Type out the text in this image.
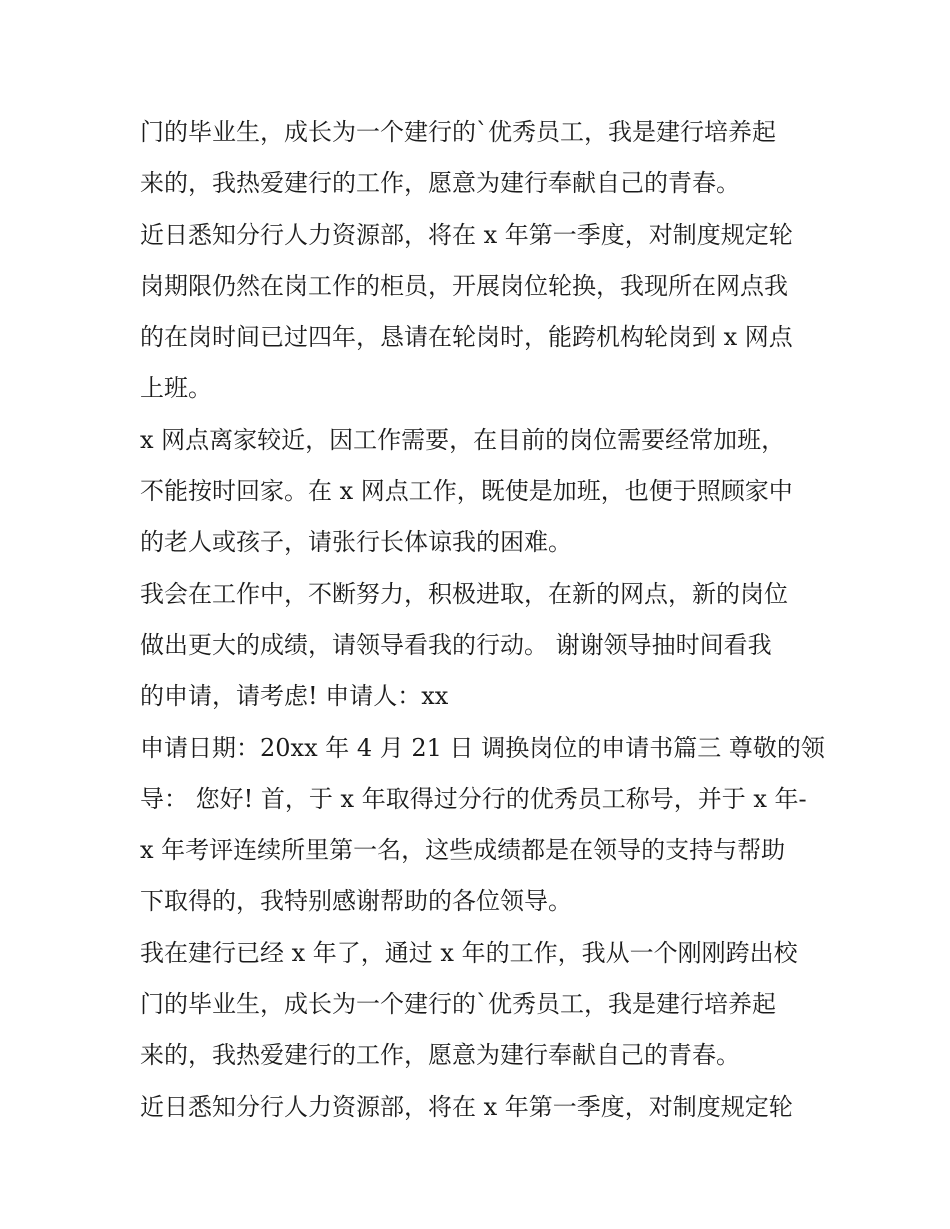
门的毕业生，成长为一个建行的`优秀员工，我是建行培养起
来的，我热爱建行的工作，愿意为建行奉献自己的青春。
近日悉知分行人力资源部，将在 x 年第一季度，对制度规定轮
岗期限仍然在岗工作的柜员，开展岗位轮换，我现所在网点我
的在岗时间已过四年，恳请在轮岗时，能跨机构轮岗到 x 网点
上班。
x 网点离家较近，因工作需要，在目前的岗位需要经常加班，
不能按时回家。在 x 网点工作，既使是加班，也便于照顾家中
的老人或孩子，请张行长体谅我的困难。
我会在工作中，不断努力，积极进取，在新的网点，新的岗位
做出更大的成绩，请领导看我的行动。 谢谢领导抽时间看我
的申请，请考虑! 申请人：xx
申请日期：20xx 年 4 月 21 日 调换岗位的申请书篇三 尊敬的领
导： 您好! 首，于 x 年取得过分行的优秀员工称号，并于 x 年-
x 年考评连续所里第一名，这些成绩都是在领导的支持与帮助
下取得的，我特别感谢帮助的各位领导。
我在建行已经 x 年了，通过 x 年的工作，我从一个刚刚跨出校
门的毕业生，成长为一个建行的`优秀员工，我是建行培养起
来的，我热爱建行的工作，愿意为建行奉献自己的青春。
近日悉知分行人力资源部，将在 x 年第一季度，对制度规定轮
